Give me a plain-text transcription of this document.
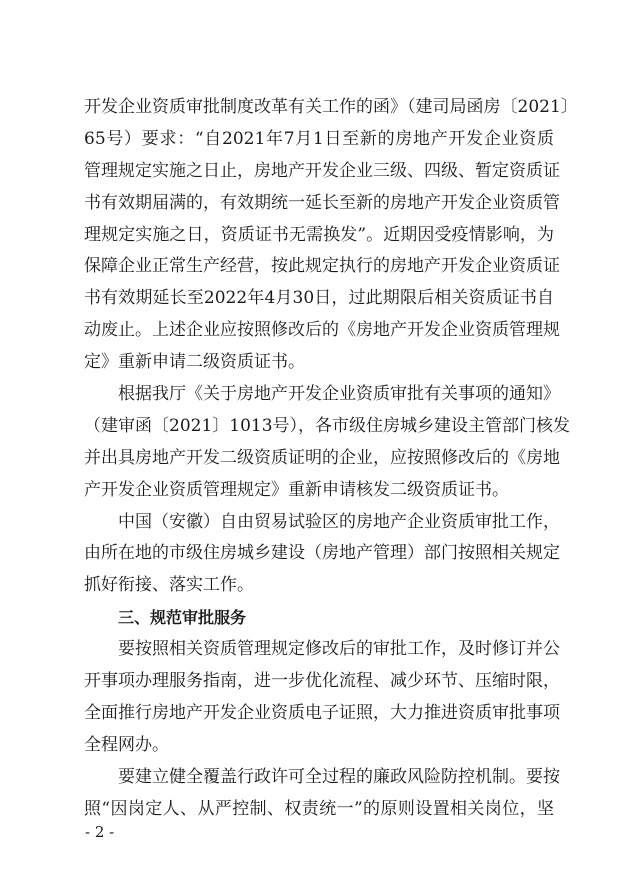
开发企业资质审批制度改革有关工作的函》（建司局函房〔2021〕
65号）要求：“自2021年7月1日至新的房地产开发企业资质
管理规定实施之日止，房地产开发企业三级、四级、暂定资质证
书有效期届满的，有效期统一延长至新的房地产开发企业资质管
理规定实施之日，资质证书无需换发”。近期因受疫情影响，为
保障企业正常生产经营，按此规定执行的房地产开发企业资质证
书有效期延长至2022年4月30日，过此期限后相关资质证书自
动废止。上述企业应按照修改后的《房地产开发企业资质管理规
定》重新申请二级资质证书。
根据我厅《关于房地产开发企业资质审批有关事项的通知》
（建审函〔2021〕1013号），各市级住房城乡建设主管部门核发
并出具房地产开发二级资质证明的企业，应按照修改后的《房地
产开发企业资质管理规定》重新申请核发二级资质证书。
中国（安徽）自由贸易试验区的房地产企业资质审批工作，
由所在地的市级住房城乡建设（房地产管理）部门按照相关规定
抓好衔接、落实工作。
三、规范审批服务
要按照相关资质管理规定修改后的审批工作，及时修订并公
开事项办理服务指南，进一步优化流程、减少环节、压缩时限，
全面推行房地产开发企业资质电子证照，大力推进资质审批事项
全程网办。
要建立健全覆盖行政许可全过程的廉政风险防控机制。要按
照“因岗定人、从严控制、权责统一”的原则设置相关岗位，坚
- 2 -
